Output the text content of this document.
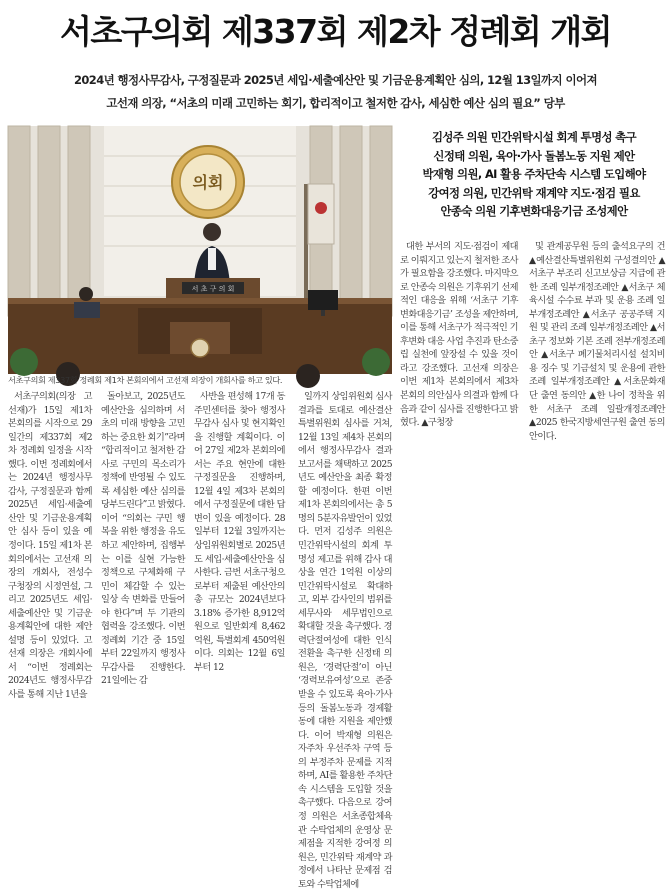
서초구의회 제337회 제2차 정례회 개회
2024년 행정사무감사, 구정질문과 2025년 세입·세출예산안 및 기금운용계획안 심의, 12월 13일까지 이어져
고선재 의장, “서초의 미래 고민하는 회기, 합리적이고 철저한 감사, 세심한 예산 심의 필요” 당부
의회
서 초 구 의 회
서초구의회 제337회 정례회 제1차 본회의에서 고선재 의장이 개회사를 하고 있다.
김성주 의원 민간위탁시설 회계 투명성 촉구
신정태 의원, 육아·가사 돌봄노동 지원 제안
박재형 의원, AI 활용 주차단속 시스템 도입해야
강여정 의원, 민간위탁 재계약 지도·점검 필요
안종숙 의원 기후변화대응기금 조성제안

서초구의회(의장 고선재)가 15일 제1차 본회의를 시작으로 29일간의 제337회 제2차 정례회 일정을 시작했다. 이번 정례회에서는 2024년 행정사무감사, 구정질문과 함께 2025년 세입·세출예산안 및 기금운용계획안 심사 등이 있을 예정이다. 15일 제1차 본회의에서는 고선재 의장의 개회사, 전성수 구청장의 시정연설, 그리고 2025년도 세입·세출예산안 및 기금운용계획안에 대한 제안설명 등이 있었다. 고선재 의장은 개회사에서 “이번 정례회는 2024년도 행정사무감사를 통해 지난 1년을

돌아보고, 2025년도 예산안을 심의하며 서초의 미래 방향을 고민하는 중요한 회기”라며 “합리적이고 철저한 감사로 구민의 목소리가 정책에 반영될 수 있도록 세심한 예산 심의를 당부드린다”고 밝혔다. 이어 “의회는 구민 행복을 위한 행정을 유도하고 제안하며, 집행부는 이를 실현 가능한 정책으로 구체화해 구민이 체감할 수 있는 일상 속 변화를 만들어야 한다”며 두 기관의 협력을 강조했다. 이번 정례회 기간 중 15일부터 22일까지 행정사무감사를 진행한다. 21일에는 감

사반을 편성해 17개 동 주민센터를 찾아 행정사무감사 심사 및 현지확인을 진행할 계획이다. 이어 27일 제2차 본회의에서는 주요 현안에 대한 구정질문을 진행하며, 12월 4일 제3차 본회의에서 구정질문에 대한 답변이 있을 예정이다. 28일부터 12월 3일까지는 상임위원회별로 2025년도 세입·세출예산안을 심사한다. 금번 서초구청으로부터 제출된 예산안의 총 규모는 2024년보다 3.18% 증가한 8,912억원으로 일반회계 8,462억원, 특별회계 450억원이다. 의회는 12월 6일부터 12

일까지 상임위원회 심사결과를 토대로 예산결산특별위원회 심사를 거쳐, 12월 13일 제4차 본회의에서 행정사무감사 결과보고서를 채택하고 2025년도 예산안을 최종 확정할 예정이다. 한편 이번 제1차 본회의에서는 총 5명의 5분자유발언이 있었다. 먼저 김성주 의원은 민간위탁시설의 회계 투명성 제고를 위해 감사 대상을 연간 1억원 이상의 민간위탁시설로 확대하고, 외부 감사인의 범위를 세무사와 세무법인으로 확대할 것을 촉구했다. 경력단절여성에 대한 인식 전환을 촉구한 신정태 의원은, ‘경력단절’이 아닌 ‘경력보유여성’으로 존중받을 수 있도록 육아·가사 등의 돌봄노동과 경제활동에 대한 지원을 제안했다. 이어 박재형 의원은 자주차 우선주차 구역 등의 부정주차 문제를 지적하며, AI를 활용한 주차단속 시스템을 도입할 것을 촉구했다. 다음으로 강여정 의원은 서초종합체육관 수탁업체의 운영상 문제점을 지적한 강여정 의원은, 민간위탁 재계약 과정에서 나타난 문제점 검토와 수탁업체에

대한 부서의 지도·점검이 제대로 이뤄지고 있는지 철저한 조사가 필요함을 강조했다. 마지막으로 안종숙 의원은 기후위기 선제적인 대응을 위해 ‘서초구 기후변화대응기금’ 조성을 제안하며, 이를 통해 서초구가 적극적인 기후변화 대응 사업 추진과 탄소중립 실천에 앞장설 수 있을 것이라고 강조했다. 고선재 의장은 이번 제1차 본회의에서 제3차 본회의 의안심사 의결과 함께 다음과 같이 심사를 진행한다고 밝혔다. ▲구청장

및 관계공무원 등의 출석요구의 건 ▲예산결산특별위원회 구성결의안 ▲서초구 부조리 신고보상금 지급에 관한 조례 일부개정조례안 ▲서초구 체육시설 수수료 부과 및 운용 조례 일부개정조례안 ▲서초구 공공주택 지원 및 관리 조례 일부개정조례안 ▲서초구 정보화 기본 조례 전부개정조례안 ▲서초구 폐기물처리시설 설치비용 징수 및 기금설치 및 운용에 관한 조례 일부개정조례안 ▲서초문화재단 출연 동의안 ▲한 나이 정착을 위한 서초구 조례 일괄개정조례안 ▲2025 한국지방세연구원 출연 동의안이다.
